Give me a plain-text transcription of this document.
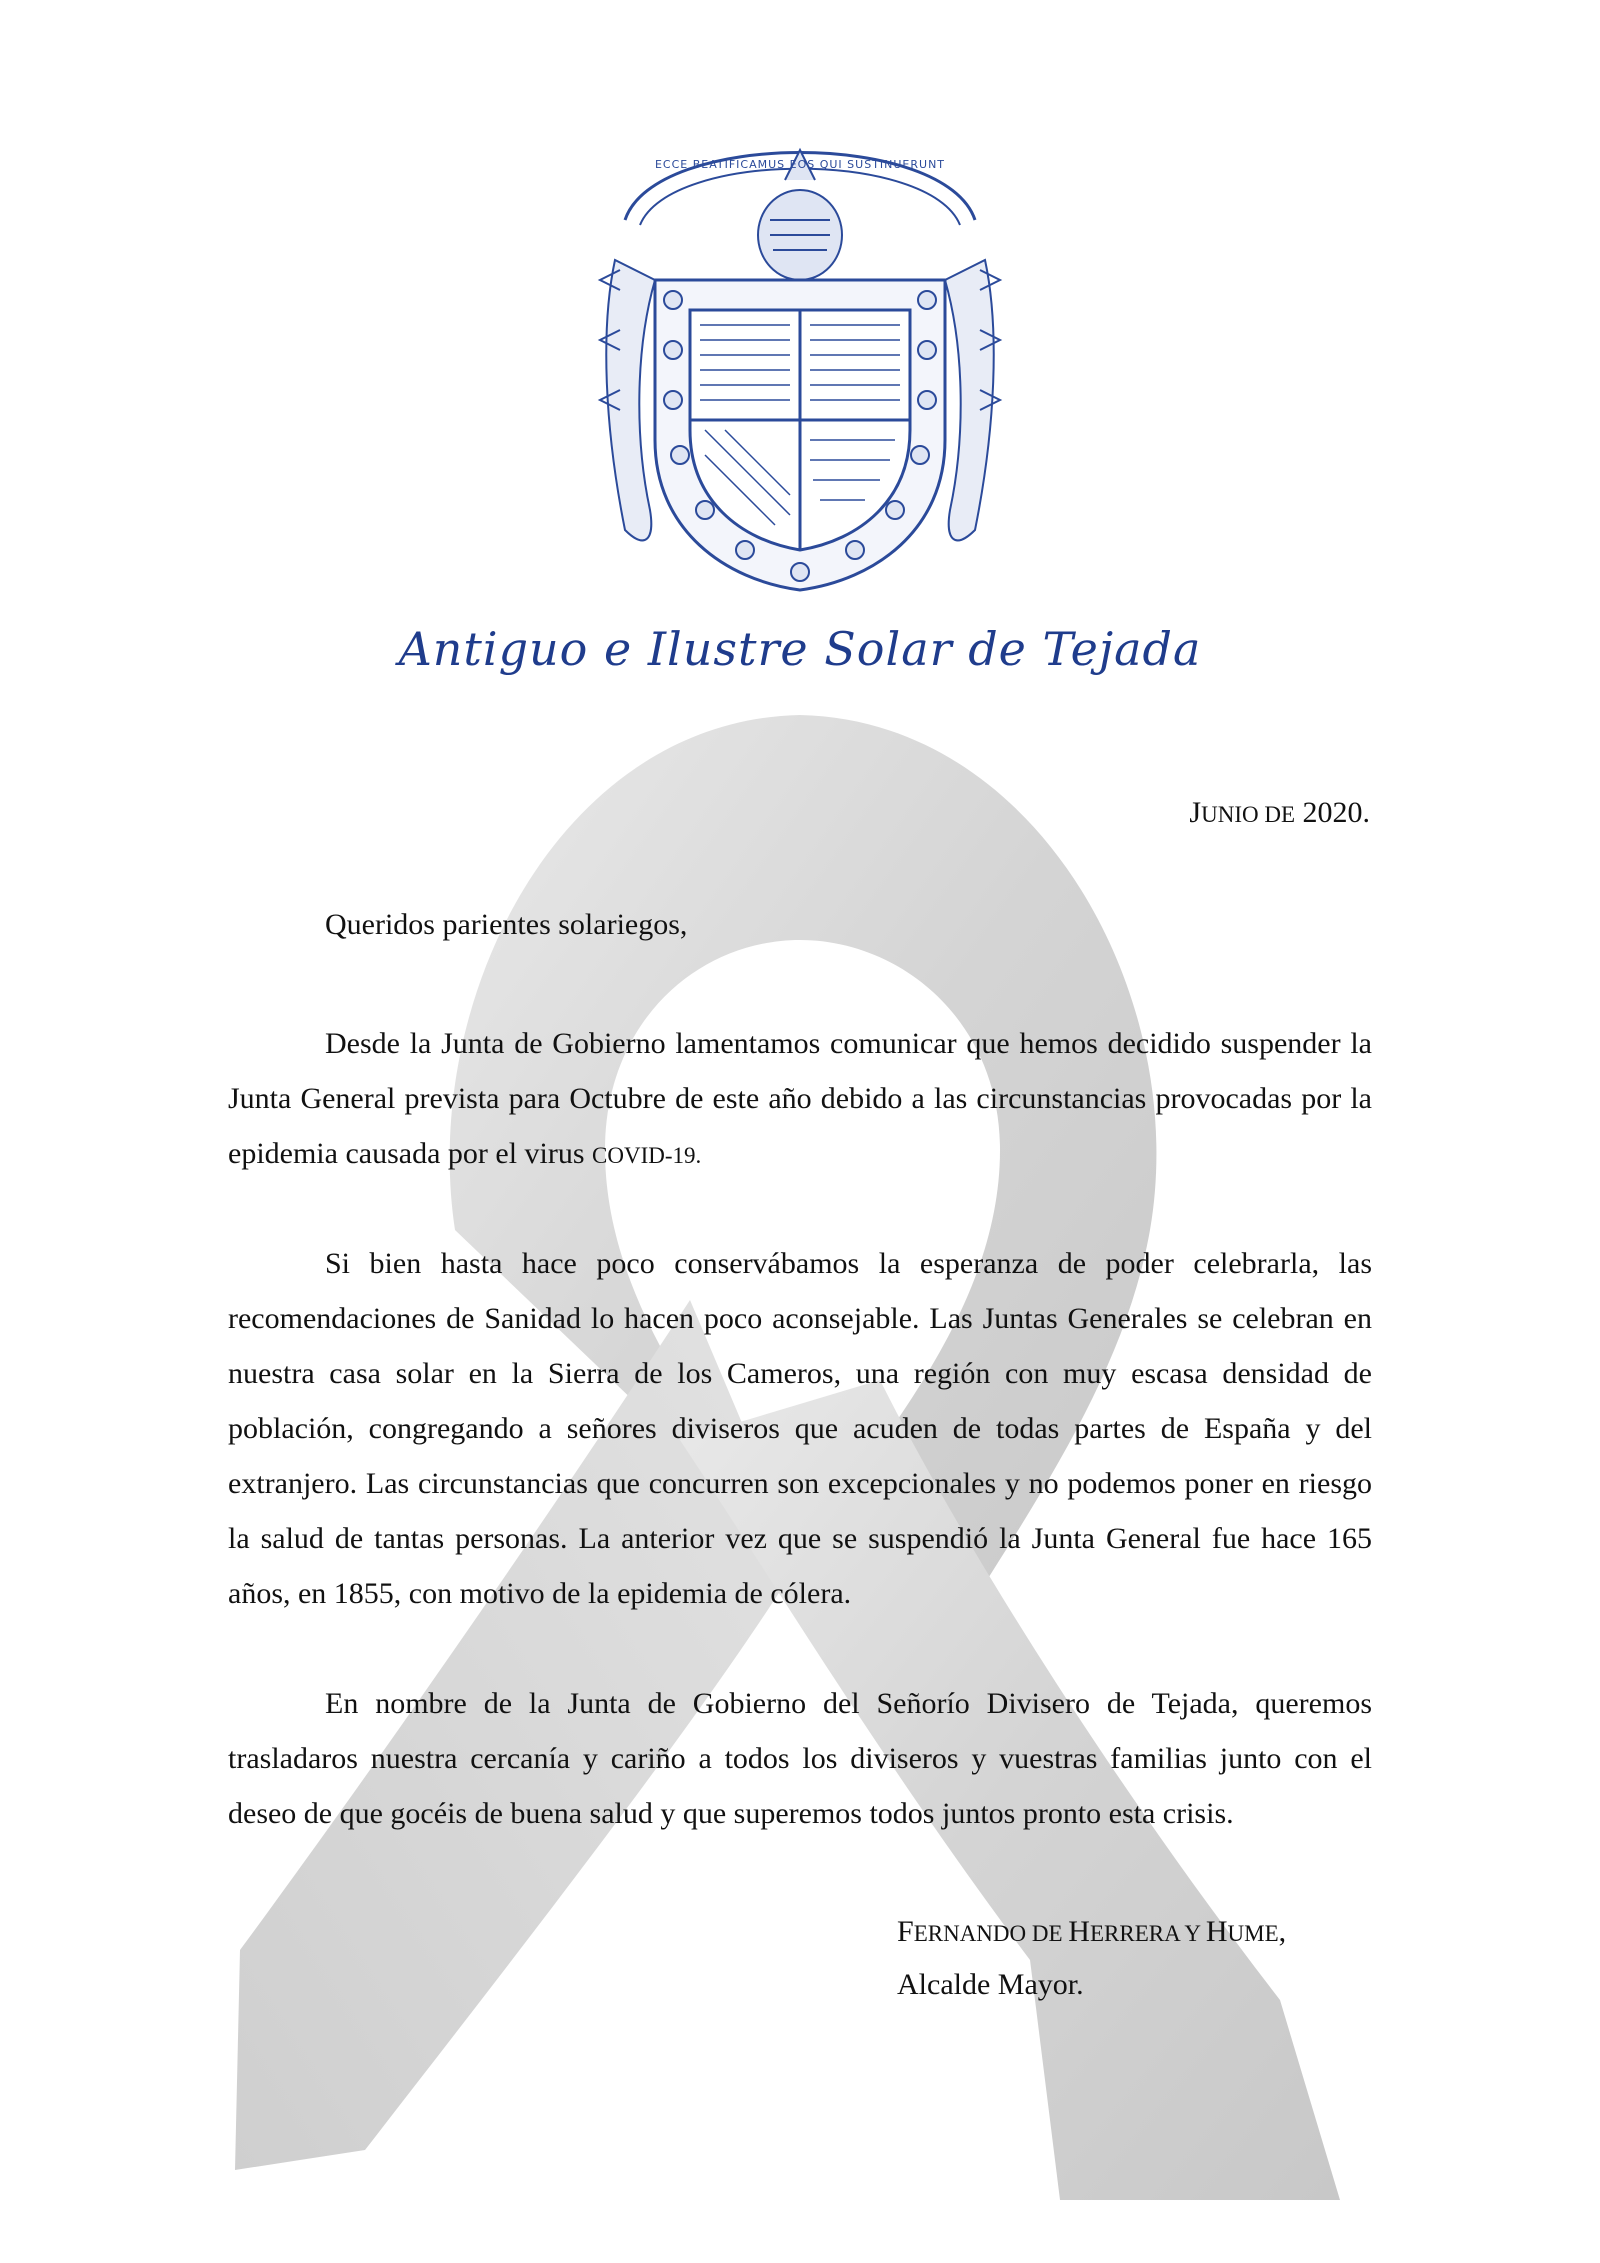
ECCE BEATIFICAMUS EOS QUI SUSTINUERUNT
Antiguo e Ilustre Solar de Tejada
JUNIO DE 2020.
Queridos parientes solariegos,
Desde la Junta de Gobierno lamentamos comunicar que hemos decidido suspender la Junta General prevista para Octubre de este año debido a las circunstancias provocadas por la epidemia causada por el virus COVID-19.
Si bien hasta hace poco conservábamos la esperanza de poder celebrarla, las recomendaciones de Sanidad lo hacen poco aconsejable. Las Juntas Generales se celebran en nuestra casa solar en la Sierra de los Cameros, una región con muy escasa densidad de población, congregando a señores diviseros que acuden de todas partes de España y del extranjero. Las circunstancias que concurren son excepcionales y no podemos poner en riesgo la salud de tantas personas. La anterior vez que se suspendió la Junta General fue hace 165 años, en 1855, con motivo de la epidemia de cólera.
En nombre de la Junta de Gobierno del Señorío Divisero de Tejada, queremos trasladaros nuestra cercanía y cariño a todos los diviseros y vuestras familias junto con el deseo de que gocéis de buena salud y que superemos todos juntos pronto esta crisis.
FERNANDO DE HERRERA Y HUME,
Alcalde Mayor.
